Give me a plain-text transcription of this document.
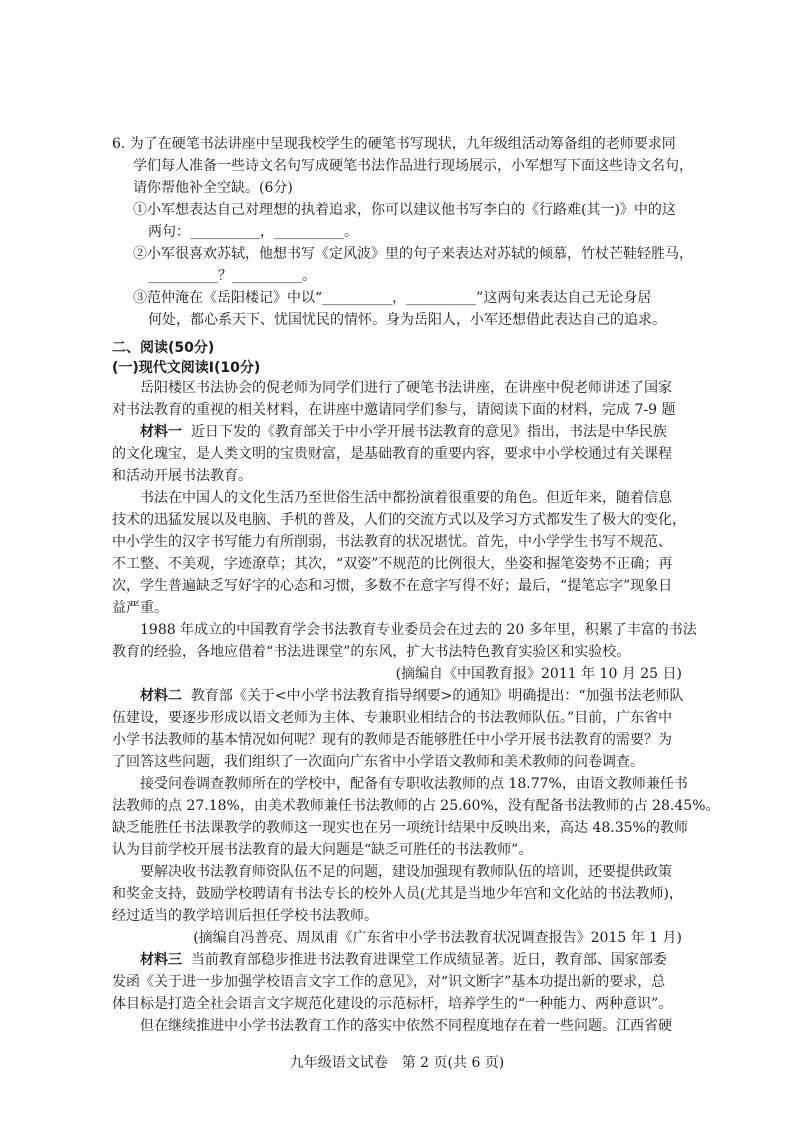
6. 为了在硬笔书法讲座中呈现我校学生的硬笔书写现状，九年级组活动筹备组的老师要求同
学们每人准备一些诗文名句写成硬笔书法作品进行现场展示，小军想写下面这些诗文名句，
请你帮他补全空缺。(6分)
①小军想表达自己对理想的执着追求，你可以建议他书写李白的《行路难(其一)》中的这
两句：__________，__________。
②小军很喜欢苏轼，他想书写《定风波》里的句子来表达对苏轼的倾慕，竹杖芒鞋轻胜马，
__________？__________。
③范仲淹在《岳阳楼记》中以“__________，__________”这两句来表达自己无论身居
何处，都心系天下、忧国忧民的情怀。身为岳阳人，小军还想借此表达自己的追求。
二、阅读(50分)
(一)现代文阅读Ⅰ(10分)
岳阳楼区书法协会的倪老师为同学们进行了硬笔书法讲座，在讲座中倪老师讲述了国家
对书法教育的重视的相关材料，在讲座中邀请同学们参与，请阅读下面的材料，完成 7-9 题
材料一 近日下发的《教育部关于中小学开展书法教育的意见》指出，书法是中华民族
的文化瑰宝，是人类文明的宝贵财富，是基础教育的重要内容，要求中小学校通过有关课程
和活动开展书法教育。
书法在中国人的文化生活乃至世俗生活中都扮演着很重要的角色。但近年来，随着信息
技术的迅猛发展以及电脑、手机的普及，人们的交流方式以及学习方式都发生了极大的变化，
中小学生的汉字书写能力有所削弱，书法教育的状况堪忧。首先，中小学学生书写不规范、
不工整、不美观，字迹潦草；其次，“双姿”不规范的比例很大，坐姿和握笔姿势不正确；再
次，学生普遍缺乏写好字的心态和习惯，多数不在意字写得不好；最后，“提笔忘字”现象日
益严重。
1988 年成立的中国教育学会书法教育专业委员会在过去的 20 多年里，积累了丰富的书法
教育的经验，各地应借着“书法进课堂”的东风，扩大书法特色教育实验区和实验校。
(摘编自《中国教育报》2011 年 10 月 25 日)
材料二 教育部《关于<中小学书法教育指导纲要>的通知》明确提出：“加强书法老师队
伍建设，要逐步形成以语文老师为主体、专兼职业相结合的书法教师队伍。”目前，广东省中
小学书法教师的基本情况如何呢？现有的教师是否能够胜任中小学开展书法教育的需要？为
了回答这些问题，我们组织了一次面向广东省中小学语文教师和美术教师的问卷调查。
接受问卷调查教师所在的学校中，配备有专职收法教师的点 18.77%，由语文教师兼任书
法教师的点 27.18%，由美术教师兼任书法教师的占 25.60%，没有配备书法教师的占 28.45%。
缺乏能胜任书法课教学的教师这一现实也在另一项统计结果中反映出来，高达 48.35%的教师
认为目前学校开展书法教育的最大问题是“缺乏可胜任的书法教师”。
要解决收书法教育师资队伍不足的问题，建设加强现有教师队伍的培训，还要提供政策
和奖金支持，鼓励学校聘请有书法专长的校外人员(尤其是当地少年宫和文化站的书法教师)，
经过适当的教学培训后担任学校书法教师。
(摘编自冯普亮、周凤甫《广东省中小学书法教育状况调查报告》2015 年 1 月)
材料三 当前教育部稳步推进书法教育进课堂工作成绩显著。近日，教育部、国家部委
发函《关于进一步加强学校语言文字工作的意见》，对“识文断字”基本功提出新的要求，总
体目标是打造全社会语言文字规范化建设的示范标杆，培养学生的“一种能力、两种意识”。
但在继续推进中小学书法教育工作的落实中依然不同程度地存在着一些问题。江西省硬
九年级语文试卷　第 2 页(共 6 页)
